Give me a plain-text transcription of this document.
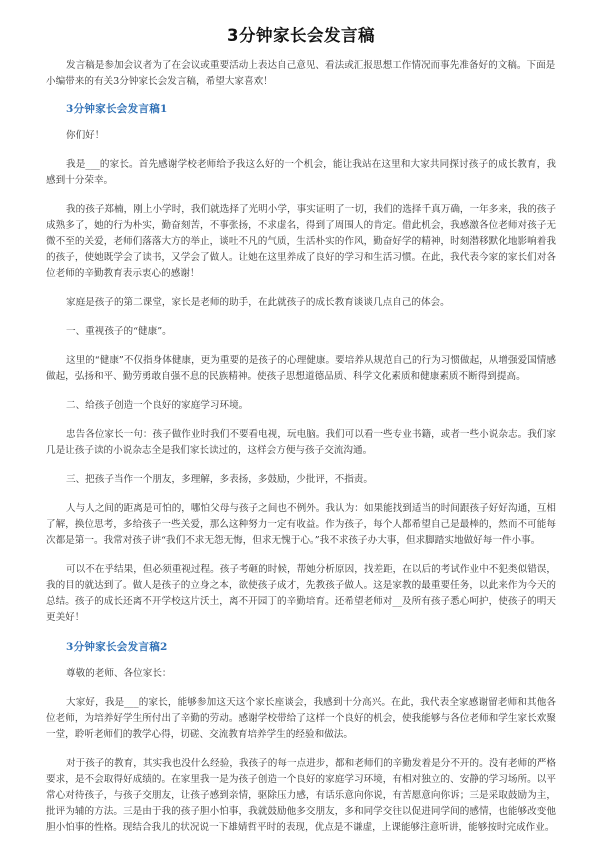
3分钟家长会发言稿

发言稿是参加会议者为了在会议或重要活动上表达自己意见、看法或汇报思想工作情况而事先准备好的文稿。下面是小编带来的有关3分钟家长会发言稿，希望大家喜欢！

3分钟家长会发言稿1

你们好！

我是___的家长。首先感谢学校老师给予我这么好的一个机会，能让我站在这里和大家共同探讨孩子的成长教育，我感到十分荣幸。

我的孩子郑楠，刚上小学时，我们就选择了光明小学，事实证明了一切，我们的选择千真万确，一年多来，我的孩子成熟多了，她的行为朴实，勤奋刻苦，不事张扬，不求虚名，得到了周围人的肯定。借此机会，我感激各位老师对孩子无微不至的关爱，老师们落落大方的举止，谈吐不凡的气质，生活朴实的作风，勤奋好学的精神，时刻潜移默化地影响着我的孩子，使她既学会了读书，又学会了做人。让她在这里养成了良好的学习和生活习惯。在此，我代表今家的家长们对各位老师的辛勤教育表示衷心的感谢！

家庭是孩子的第二课堂，家长是老师的助手，在此就孩子的成长教育谈谈几点自己的体会。

一、重视孩子的“健康”。

这里的“健康”不仅指身体健康，更为重要的是孩子的心理健康。要培养从规范自己的行为习惯做起，从增强爱国情感做起，弘扬和平、勤劳勇敢自强不息的民族精神。使孩子思想道德品质、科学文化素质和健康素质不断得到提高。

二、给孩子创造一个良好的家庭学习环境。

忠告各位家长一句：孩子做作业时我们不要看电视，玩电脑。我们可以看一些专业书籍，或者一些小说杂志。我们家几是让孩子读的小说杂志全是我们家长读过的，这样会方便与孩子交流沟通。

三、把孩子当作一个朋友，多理解，多表扬，多鼓励，少批评，不指责。

人与人之间的距离是可怕的，哪怕父母与孩子之间也不例外。我认为：如果能找到适当的时间跟孩子好好沟通，互相了解，换位思考，多给孩子一些关爱，那么这种努力一定有收益。作为孩子，每个人都希望自己是最棒的，然而不可能每次都是第一。我常对孩子讲“我们不求无怨无悔，但求无愧于心。”我不求孩子办大事，但求脚踏实地做好每一件小事。

可以不在乎结果，但必须重视过程。孩子考砸的时候，帮她分析原因，找差距，在以后的考试作业中不犯类似错误，我的目的就达到了。做人是孩子的立身之本，欲使孩子成才，先教孩子做人。这是家教的最重要任务，以此来作为今天的总结。孩子的成长还离不开学校这片沃土，离不开园丁的辛勤培育。还希望老师对__及所有孩子悉心呵护，使孩子的明天更美好！

3分钟家长会发言稿2

尊敬的老师、各位家长：

大家好，我是___的家长，能够参加这天这个家长座谈会，我感到十分高兴。在此，我代表全家感谢留老师和其他各位老师，为培养好学生所付出了辛勤的劳动。感谢学校带给了这样一个良好的机会，使我能够与各位老师和学生家长欢聚一堂，聆听老师们的教学心得，切磋、交流教育培养学生的经验和做法。

对于孩子的教育，其实我也没什么经验，我孩子的每一点进步，都和老师们的辛勤发着是分不开的。没有老师的严格要求，是不会取得好成绩的。在家里我一是为孩子创造一个良好的家庭学习环境，有相对独立的、安静的学习场所。以平常心对待孩子，与孩子交朋友，让孩子感到亲情，驱除压力感，有话乐意向你说，有苦愿意向你诉；三是采取鼓励为主，批评为辅的方法。三是由于我的孩子胆小怕事，我就鼓励他多交朋友，多和同学交往以促进同学间的感情，也能够改变他胆小怕事的性格。现结合我儿的状况说一下雄婧哲平时的表现，优点是不谦虚，上课能够注意听讲，能够按时完成作业。
